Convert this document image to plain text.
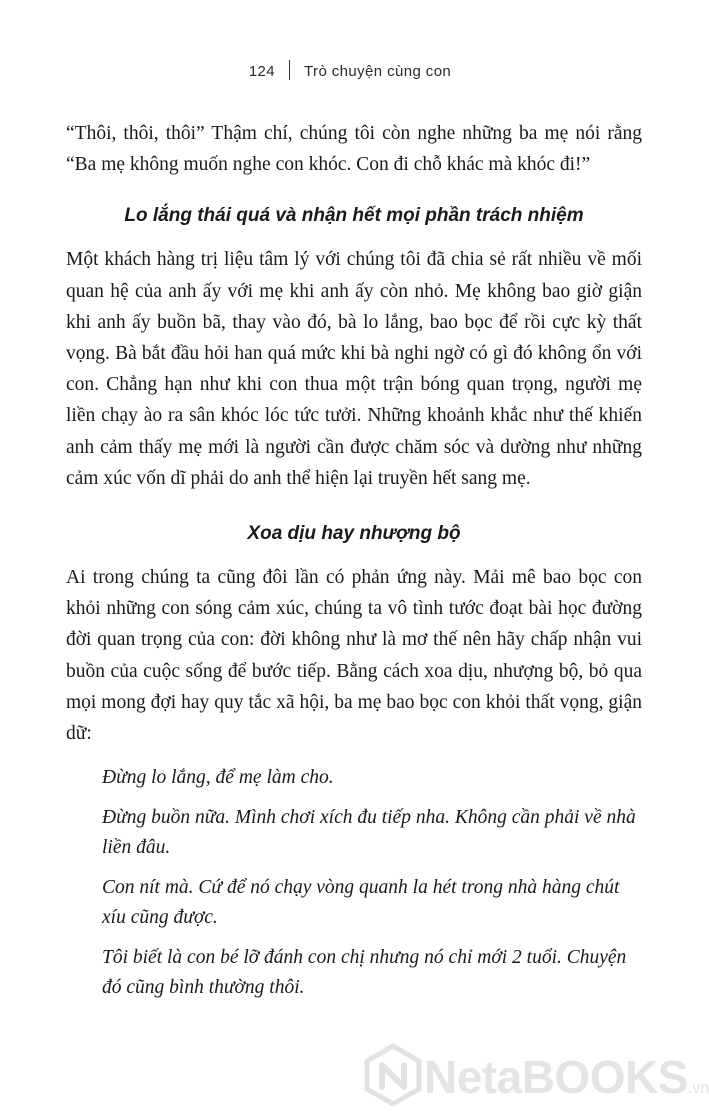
124 Trò chuyện cùng con

“Thôi, thôi, thôi” Thậm chí, chúng tôi còn nghe những ba mẹ nói rằng “Ba mẹ không muốn nghe con khóc. Con đi chỗ khác mà khóc đi!”

Lo lắng thái quá và nhận hết mọi phần trách nhiệm

Một khách hàng trị liệu tâm lý với chúng tôi đã chia sẻ rất nhiều về mối quan hệ của anh ấy với mẹ khi anh ấy còn nhỏ. Mẹ không bao giờ giận khi anh ấy buồn bã, thay vào đó, bà lo lắng, bao bọc để rồi cực kỳ thất vọng. Bà bắt đầu hỏi han quá mức khi bà nghi ngờ có gì đó không ổn với con. Chẳng hạn như khi con thua một trận bóng quan trọng, người mẹ liền chạy ào ra sân khóc lóc tức tưởi. Những khoảnh khắc như thế khiến anh cảm thấy mẹ mới là người cần được chăm sóc và dường như những cảm xúc vốn dĩ phải do anh thể hiện lại truyền hết sang mẹ.

Xoa dịu hay nhượng bộ

Ai trong chúng ta cũng đôi lần có phản ứng này. Mải mê bao bọc con khỏi những con sóng cảm xúc, chúng ta vô tình tước đoạt bài học đường đời quan trọng của con: đời không như là mơ thế nên hãy chấp nhận vui buồn của cuộc sống để bước tiếp. Bằng cách xoa dịu, nhượng bộ, bỏ qua mọi mong đợi hay quy tắc xã hội, ba mẹ bao bọc con khỏi thất vọng, giận dữ:

Đừng lo lắng, để mẹ làm cho.

Đừng buồn nữa. Mình chơi xích đu tiếp nha. Không cần phải về nhà liền đâu.

Con nít mà. Cứ để nó chạy vòng quanh la hét trong nhà hàng chút xíu cũng được.

Tôi biết là con bé lỡ đánh con chị nhưng nó chỉ mới 2 tuổi. Chuyện đó cũng bình thường thôi.

NetaBOOKS.vn
